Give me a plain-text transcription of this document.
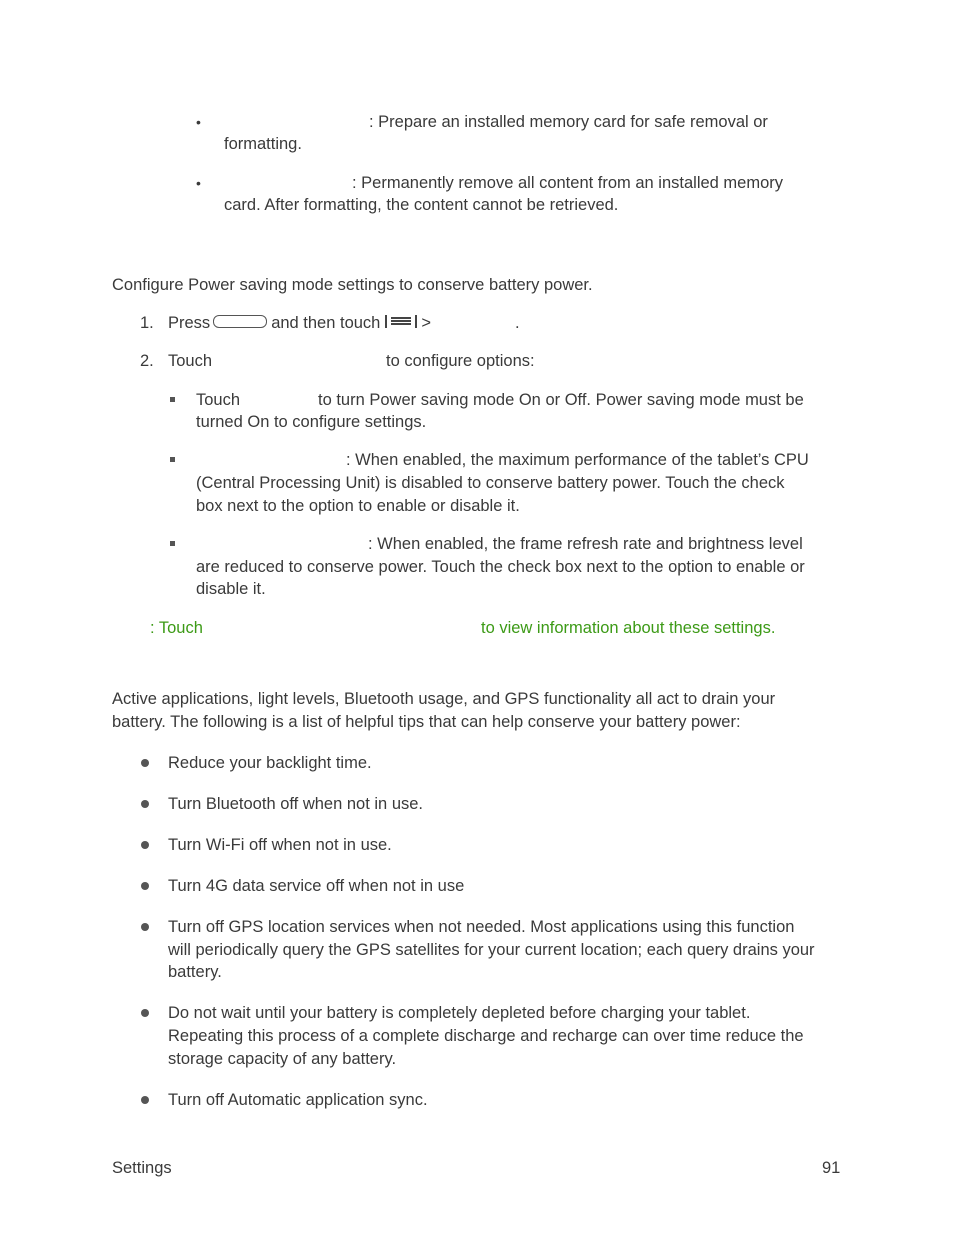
•	: Prepare an installed memory card for safe removal or

formatting.

•	: Permanently remove all content from an installed memory

card. After formatting, the content cannot be retrieved.

Configure Power saving mode settings to conserve battery power.

1. Press	and then touch >	.

2. Touch	to configure options:

Touch	to turn Power saving mode On or Off. Power saving mode must be

turned On to configure settings.

: When enabled, the maximum performance of the tablet’s CPU

(Central Processing Unit) is disabled to conserve battery power. Touch the check

box next to the option to enable or disable it.

: When enabled, the frame refresh rate and brightness level

are reduced to conserve power. Touch the check box next to the option to enable or

disable it.

: Touch	to view information about these settings.

Active applications, light levels, Bluetooth usage, and GPS functionality all act to drain your

battery. The following is a list of helpful tips that can help conserve your battery power:

Reduce your backlight time.

Turn Bluetooth off when not in use.

Turn Wi-Fi off when not in use.

Turn 4G data service off when not in use

Turn off GPS location services when not needed. Most applications using this function

will periodically query the GPS satellites for your current location; each query drains your

battery.

Do not wait until your battery is completely depleted before charging your tablet.

Repeating this process of a complete discharge and recharge can over time reduce the

storage capacity of any battery.

Turn off Automatic application sync.

Settings	91
